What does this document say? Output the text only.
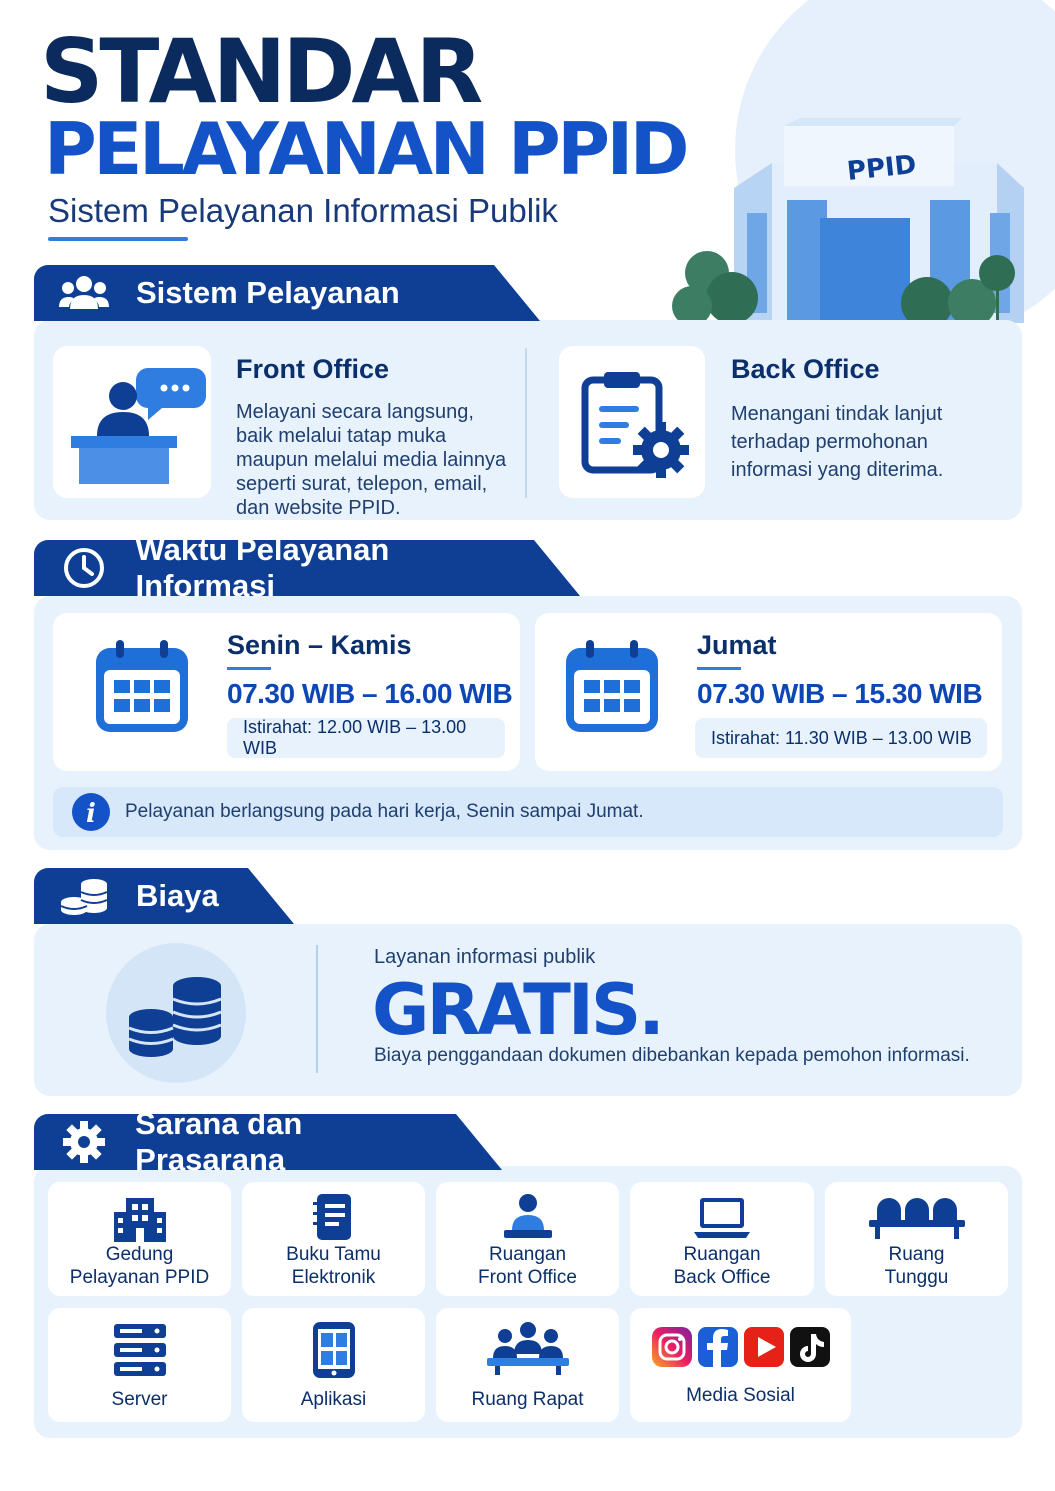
STANDAR
PELAYANAN PPID
Sistem Pelayanan Informasi Publik
PPID
Sistem Pelayanan
Front Office
Melayani secara langsung,
baik melalui tatap muka
maupun melalui media lainnya
seperti surat, telepon, email,
dan website PPID.
Back Office
Menangani tindak lanjut
terhadap permohonan
informasi yang diterima.
Waktu Pelayanan Informasi
Senin – Kamis
07.30 WIB – 16.00 WIB
Istirahat: 12.00 WIB – 13.00 WIB
Jumat
07.30 WIB – 15.30 WIB
Istirahat: 11.30 WIB – 13.00 WIB
i Pelayanan berlangsung pada hari kerja, Senin sampai Jumat.
Biaya
Layanan informasi publik
GRATIS.
Biaya penggandaan dokumen dibebankan kepada pemohon informasi.
Sarana dan Prasarana
Gedung
Pelayanan PPID
Buku Tamu
Elektronik
Ruangan
Front Office
Ruangan
Back Office
Ruang
Tunggu
Server	Aplikasi	Ruang Rapat	Media Sosial
